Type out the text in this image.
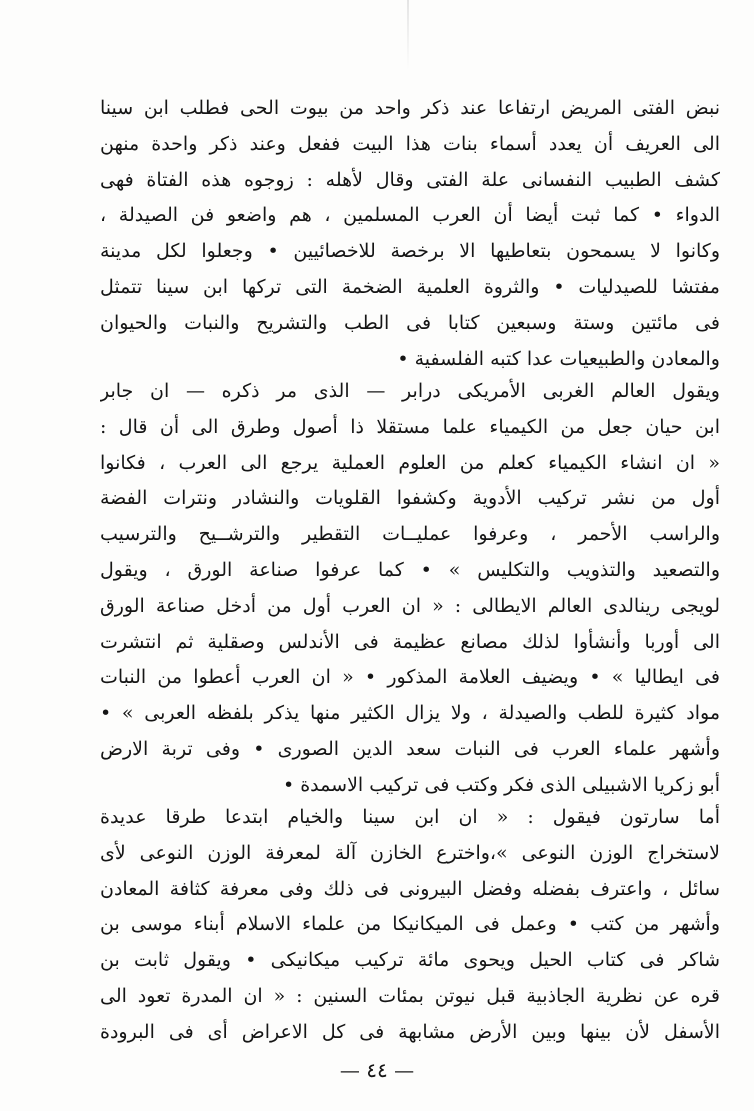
نبض الفتى المريض ارتفاعا عند ذكر واحد من بيوت الحى فطلب ابن سينا
الى العريف أن يعدد أسماء بنات هذا البيت ففعل وعند ذكر واحدة منهن
كشف الطبيب النفسانى علة الفتى وقال لأهله : زوجوه هذه الفتاة فهى
الدواء • كما ثبت أيضا أن العرب المسلمين ، هم واضعو فن الصيدلة ،
وكانوا لا يسمحون بتعاطيها الا برخصة للاخصائيين • وجعلوا لكل مدينة
مفتشا للصيدليات • والثروة العلمية الضخمة التى تركها ابن سينا تتمثل
فى مائتين وستة وسبعين كتابا فى الطب والتشريح والنبات والحيوان
والمعادن والطبيعيات عدا كتبه الفلسفية •
ويقول العالم الغربى الأمريكى درابر — الذى مر ذكره — ان جابر
ابن حيان جعل من الكيمياء علما مستقلا ذا أصول وطرق الى أن قال :
« ان انشاء الكيمياء كعلم من العلوم العملية يرجع الى العرب ، فكانوا
أول من نشر تركيب الأدوية وكشفوا القلويات والنشادر ونترات الفضة
والراسب الأحمر ، وعرفوا عمليــات التقطير والترشــيح والترسيب
والتصعيد والتذويب والتكليس » • كما عرفوا صناعة الورق ، ويقول
لويجى رينالدى العالم الايطالى : « ان العرب أول من أدخل صناعة الورق
الى أوربا وأنشأوا لذلك مصانع عظيمة فى الأندلس وصقلية ثم انتشرت
فى ايطاليا » • ويضيف العلامة المذكور • « ان العرب أعطوا من النبات
مواد كثيرة للطب والصيدلة ، ولا يزال الكثير منها يذكر بلفظه العربى » •
وأشهر علماء العرب فى النبات سعد الدين الصورى • وفى تربة الارض
أبو زكريا الاشبيلى الذى فكر وكتب فى تركيب الاسمدة •
أما سارتون فيقول : « ان ابن سينا والخيام ابتدعا طرقا عديدة
لاستخراج الوزن النوعى »،واخترع الخازن آلة لمعرفة الوزن النوعى لأى
سائل ، واعترف بفضله وفضل البيرونى فى ذلك وفى معرفة كثافة المعادن
وأشهر من كتب • وعمل فى الميكانيكا من علماء الاسلام أبناء موسى بن
شاكر فى كتاب الحيل ويحوى مائة تركيب ميكانيكى • ويقول ثابت بن
قره عن نظرية الجاذبية قبل نيوتن بمئات السنين : « ان المدرة تعود الى
الأسفل لأن بينها وبين الأرض مشابهة فى كل الاعراض أى فى البرودة
— ٤٤ —
